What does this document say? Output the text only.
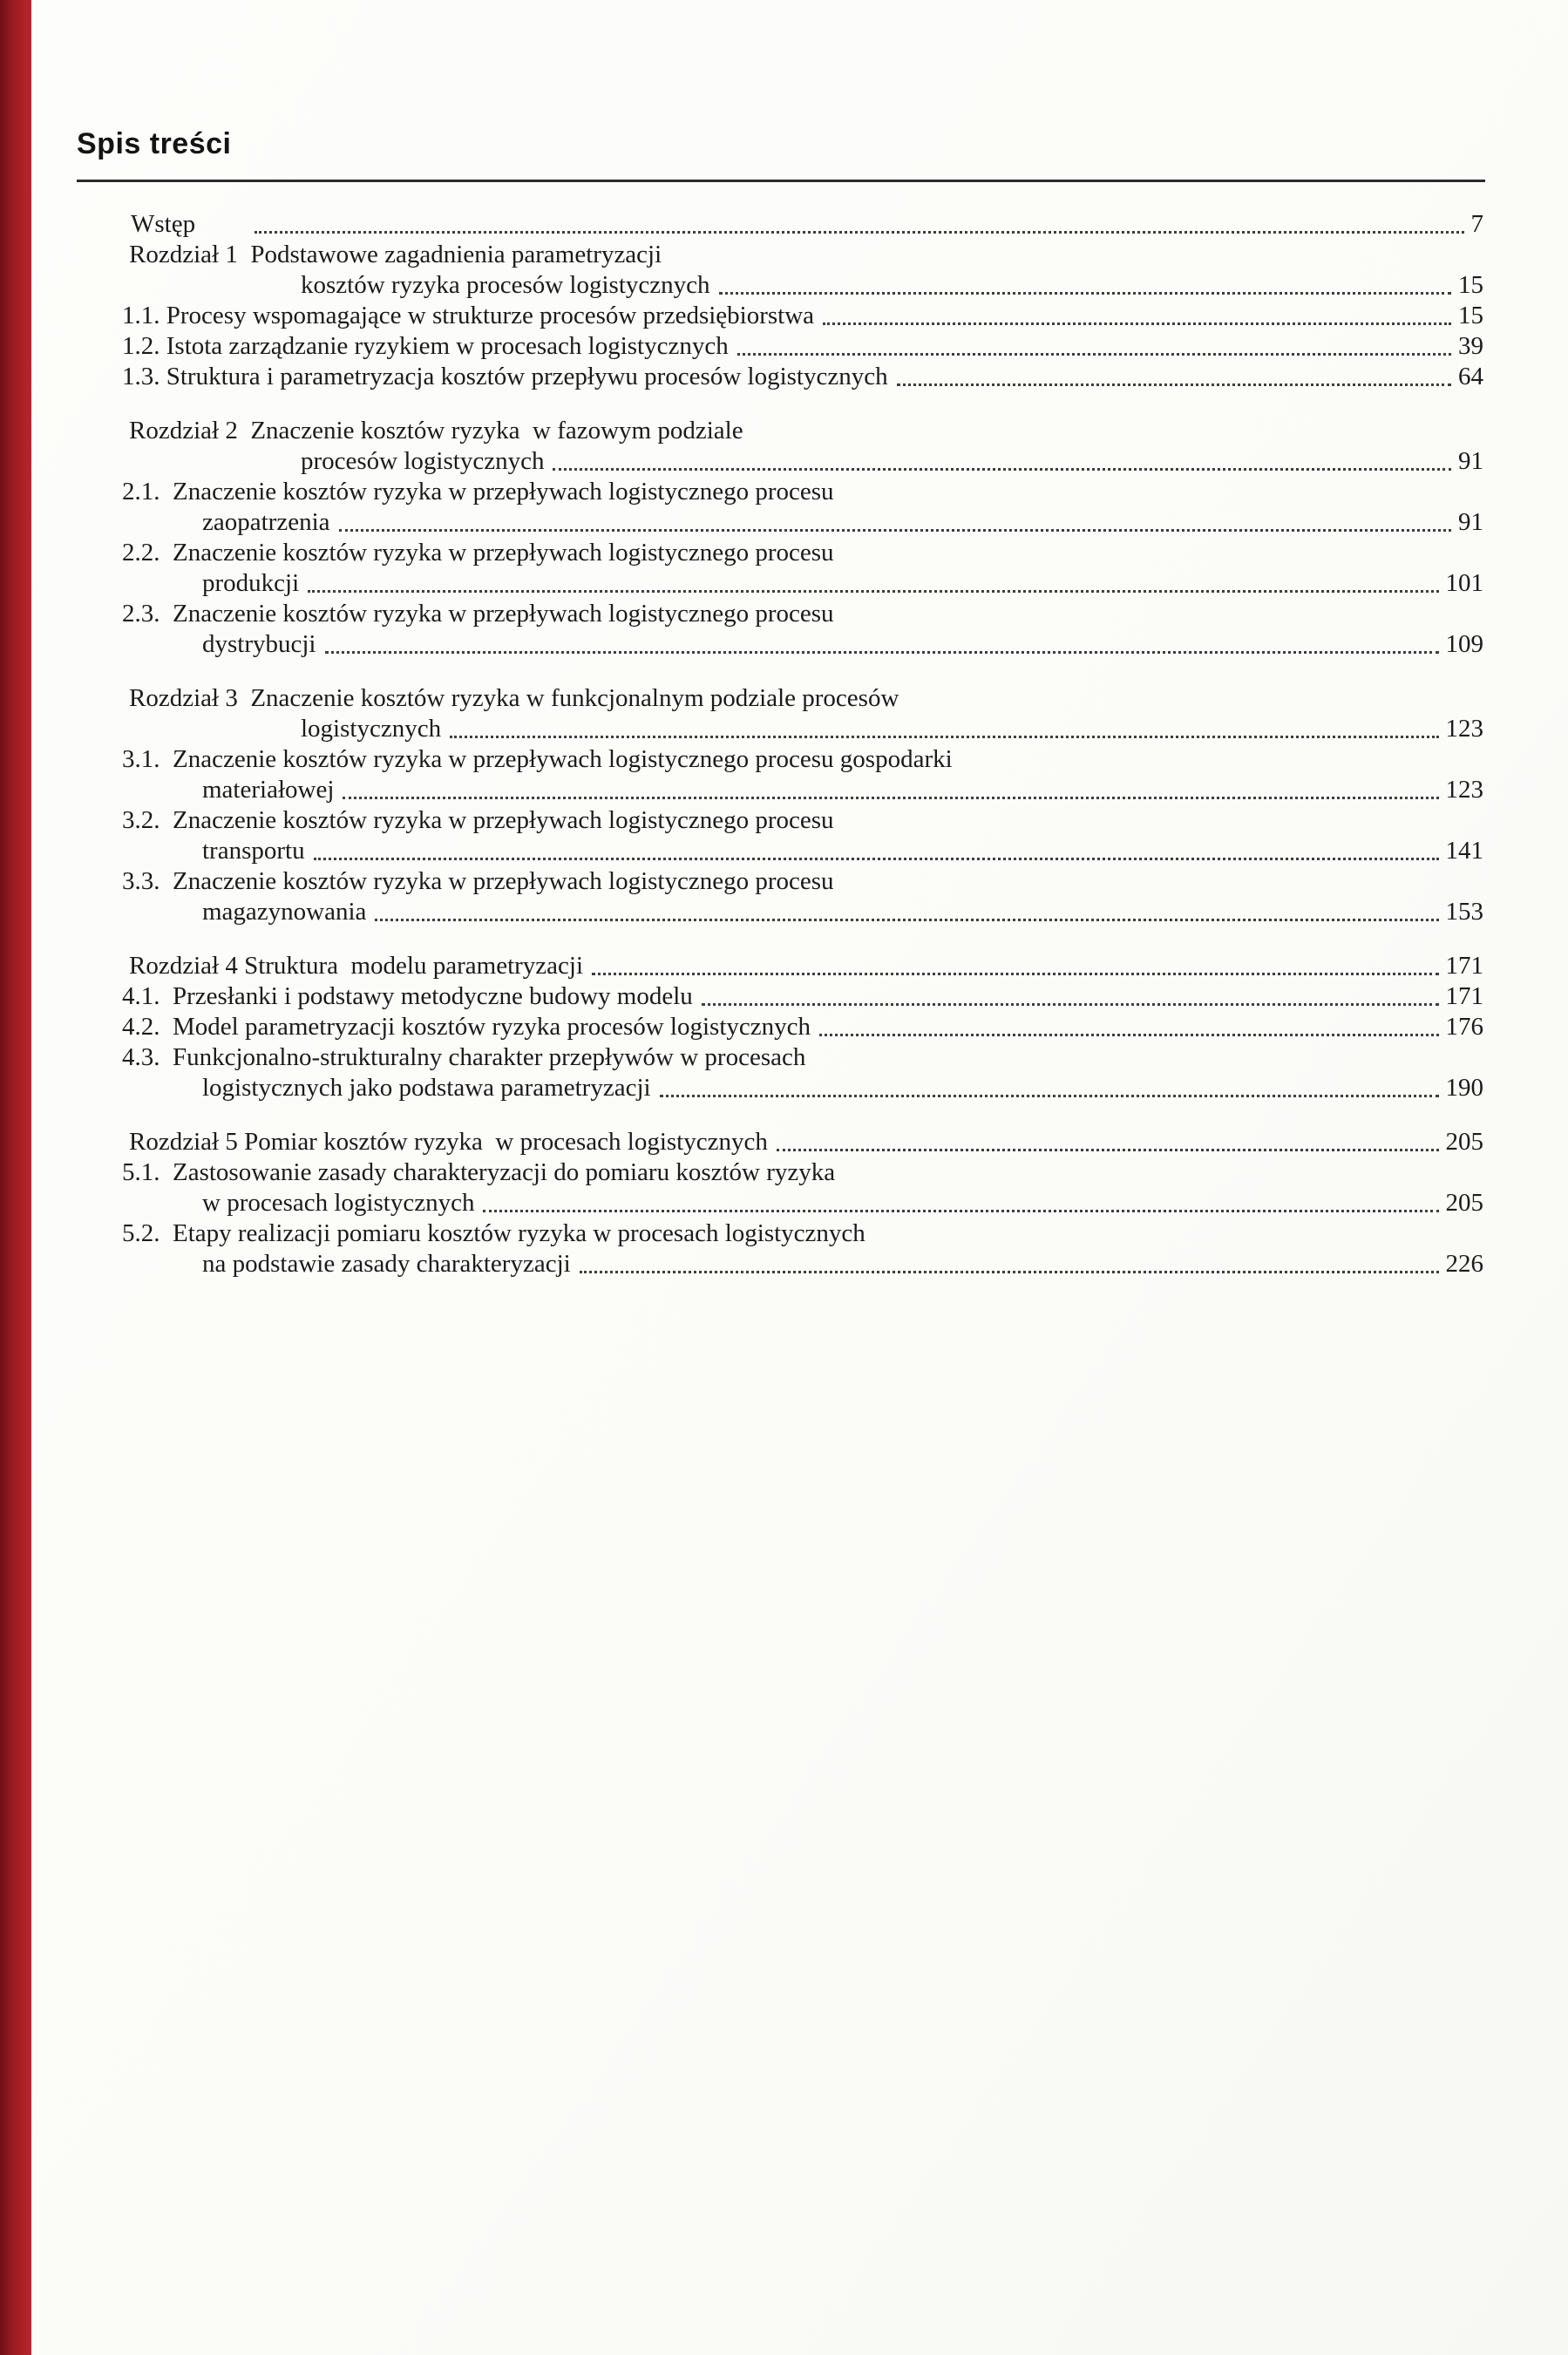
Spis treści
Wstęp	7
Rozdział 1  Podstawowe zagadnienia parametryzacji
kosztów ryzyka procesów logistycznych	15
1.1. Procesy wspomagające w strukturze procesów przedsiębiorstwa	15
1.2. Istota zarządzanie ryzykiem w procesach logistycznych	39
1.3. Struktura i parametryzacja kosztów przepływu procesów logistycznych	64
Rozdział 2  Znaczenie kosztów ryzyka  w fazowym podziale
procesów logistycznych	91
2.1.  Znaczenie kosztów ryzyka w przepływach logistycznego procesu
zaopatrzenia	91
2.2.  Znaczenie kosztów ryzyka w przepływach logistycznego procesu
produkcji	101
2.3.  Znaczenie kosztów ryzyka w przepływach logistycznego procesu
dystrybucji	109
Rozdział 3  Znaczenie kosztów ryzyka w funkcjonalnym podziale procesów
logistycznych	123
3.1.  Znaczenie kosztów ryzyka w przepływach logistycznego procesu gospodarki
materiałowej	123
3.2.  Znaczenie kosztów ryzyka w przepływach logistycznego procesu
transportu	141
3.3.  Znaczenie kosztów ryzyka w przepływach logistycznego procesu
magazynowania	153
Rozdział 4 Struktura  modelu parametryzacji	171
4.1.  Przesłanki i podstawy metodyczne budowy modelu	171
4.2.  Model parametryzacji kosztów ryzyka procesów logistycznych	176
4.3.  Funkcjonalno-strukturalny charakter przepływów w procesach
logistycznych jako podstawa parametryzacji	190
Rozdział 5 Pomiar kosztów ryzyka  w procesach logistycznych	205
5.1.  Zastosowanie zasady charakteryzacji do pomiaru kosztów ryzyka
w procesach logistycznych	205
5.2.  Etapy realizacji pomiaru kosztów ryzyka w procesach logistycznych
na podstawie zasady charakteryzacji	226
